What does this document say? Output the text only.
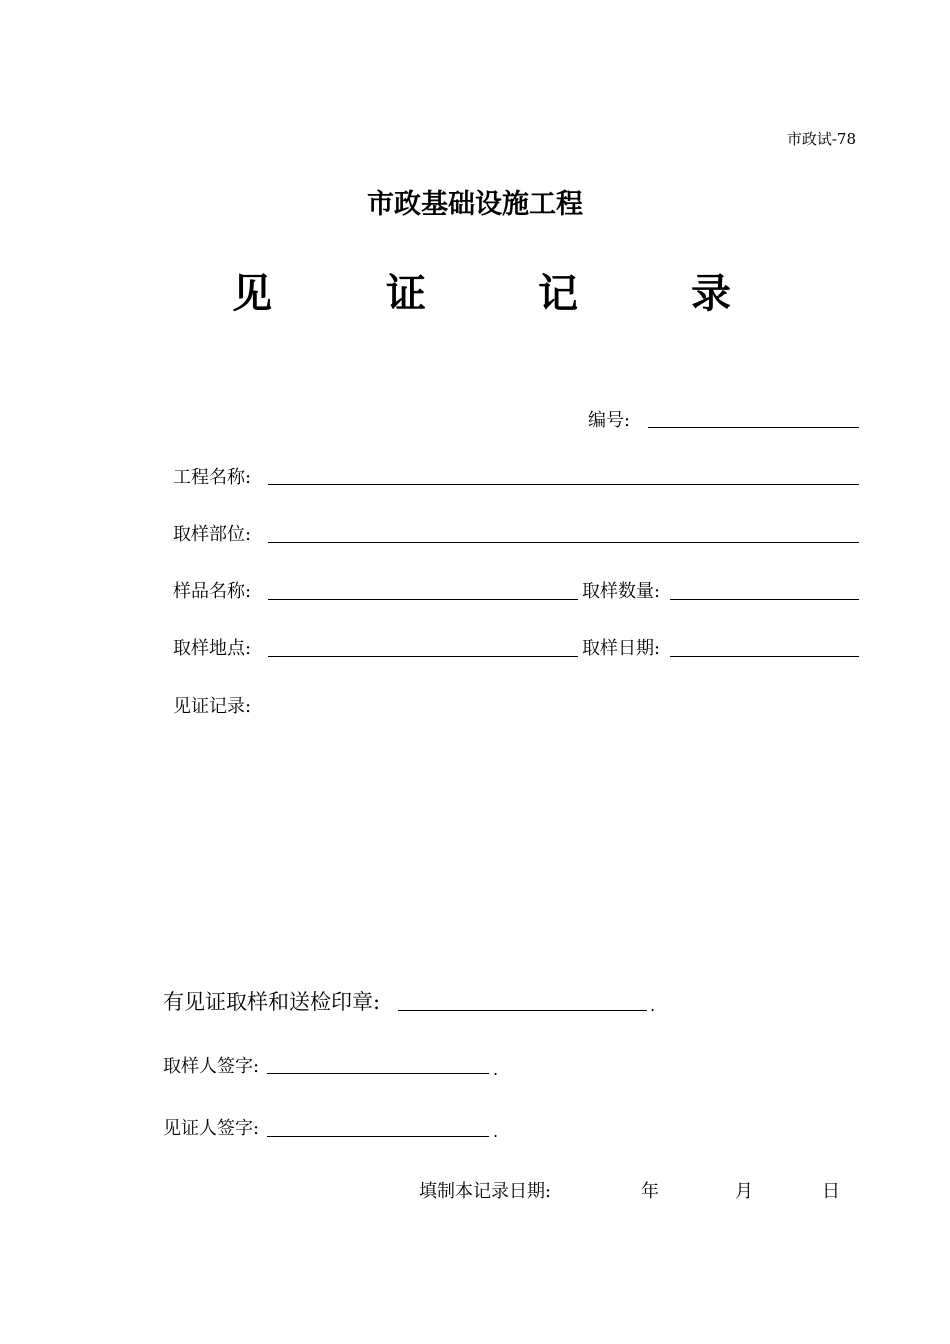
市政试-78
市政基础设施工程
见	证	记	录
编号:
工程名称:
取样部位:
样品名称:	取样数量:
取样地点:	取样日期:
见证记录:
有见证取样和送检印章:	.
取样人签字:	.
见证人签字:	.
填制本记录日期:	年	月	日
